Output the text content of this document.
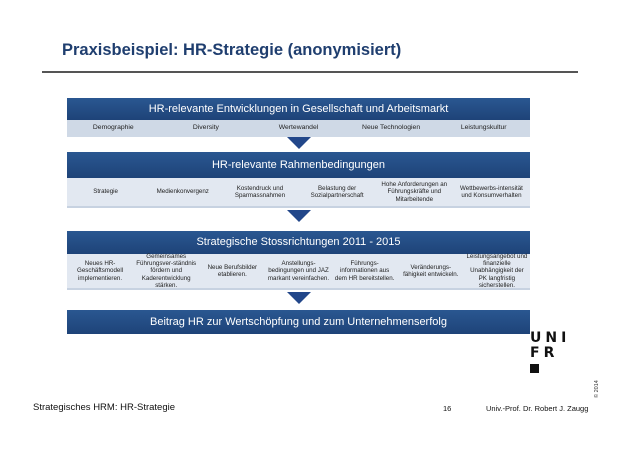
Praxisbeispiel: HR-Strategie (anonymisiert)
HR-relevante Entwicklungen in Gesellschaft und Arbeitsmarkt
Demographie	Diversity	Wertewandel	Neue Technologien	Leistungskultur
HR-relevante Rahmenbedingungen
Strategie	Medienkonvergenz
Kostendruck und Sparmassnahmen
Belastung der Sozialpartnerschaft
Hohe Anforderungen an Führungskräfte und Mitarbeitende
Wettbewerbs-intensität und Konsumverhalten
Strategische Stossrichtungen 2011 - 2015
Neues HR-Geschäftsmodell implementieren.
Gemeinsames Führungsver-ständnis fördern und Kaderentwicklung stärken.
Neue Berufsbilder etablieren.
Anstellungs-bedingungen und JAZ markant vereinfachen.
Führungs-informationen aus dem HR bereitstellen.
Veränderungs-fähigkeit entwickeln.
Leistungsangebot und finanzielle Unabhängigkeit der PK langfristig sicherstellen.
Beitrag HR zur Wertschöpfung und zum Unternehmenserfolg
UNI
FR
Strategisches HRM: HR-Strategie	16	Univ.-Prof. Dr. Robert J. Zaugg
© 2014
